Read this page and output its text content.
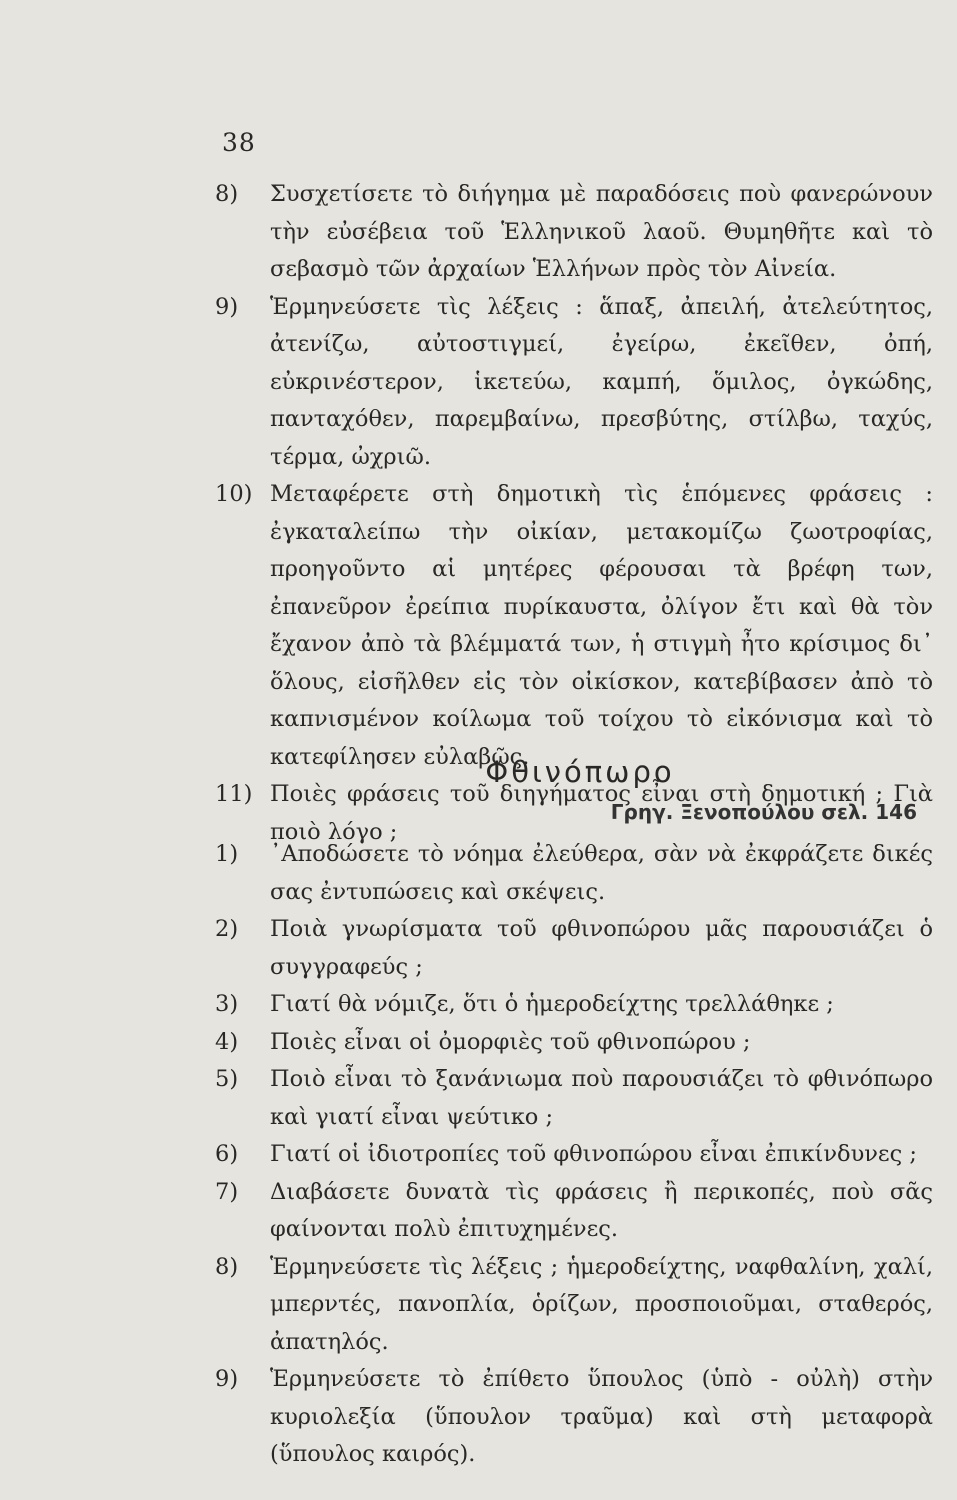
38
8)	Συσχετίσετε τὸ διήγημα μὲ παραδόσεις ποὺ φανερώνουν τὴν εὐσέβεια τοῦ Ἑλληνικοῦ λαοῦ. Θυμηθῆτε καὶ τὸ σεβασμὸ τῶν ἀρχαίων Ἑλλήνων πρὸς τὸν Αἰνεία.
9)	Ἑρμηνεύσετε τὶς λέξεις : ἅπαξ, ἀπειλή, ἀτελεύτητος, ἀτενίζω, αὐτοστιγμεί, ἐγείρω, ἐκεῖθεν, ὀπή, εὐκρινέστερον, ἱκετεύω, καμπή, ὅμιλος, ὀγκώδης, πανταχόθεν, παρεμβαίνω, πρεσβύτης, στίλβω, ταχύς, τέρμα, ὠχριῶ.
10) Μεταφέρετε στὴ δημοτικὴ τὶς ἑπόμενες φράσεις : ἐγκαταλείπω τὴν οἰκίαν, μετακομίζω ζωοτροφίας, προηγοῦντο αἱ μητέρες φέρουσαι τὰ βρέφη των, ἐπανεῦρον ἐρείπια πυρίκαυστα, ὀλίγον ἔτι καὶ θὰ τὸν ἔχανον ἀπὸ τὰ βλέμματά των, ἡ στιγμὴ ἦτο κρίσιμος δι᾿ ὅλους, εἰσῆλθεν εἰς τὸν οἰκίσκον, κατεβίβασεν ἀπὸ τὸ καπνισμένον κοίλωμα τοῦ τοίχου τὸ εἰκόνισμα καὶ τὸ κατεφίλησεν εὐλαβῶς.
11) Ποιὲς φράσεις τοῦ διηγήματος εἶναι στὴ δημοτική ; Γιὰ ποιὸ λόγο ;
Φθινόπωρο
Γρηγ. Ξενοπούλου σελ. 146
1)	᾿Αποδώσετε τὸ νόημα ἐλεύθερα, σὰν νὰ ἐκφράζετε δικές σας ἐντυπώσεις καὶ σκέψεις.
2)	Ποιὰ γνωρίσματα τοῦ φθινοπώρου μᾶς παρουσιάζει ὁ συγγραφεύς ;
3)	Γιατί θὰ νόμιζε, ὅτι ὁ ἡμεροδείχτης τρελλάθηκε ;
4)	Ποιὲς εἶναι οἱ ὀμορφιὲς τοῦ φθινοπώρου ;
5)	Ποιὸ εἶναι τὸ ξανάνιωμα ποὺ παρουσιάζει τὸ φθινόπωρο καὶ γιατί εἶναι ψεύτικο ;
6)	Γιατί οἱ ἰδιοτροπίες τοῦ φθινοπώρου εἶναι ἐπικίνδυνες ;
7)	Διαβάσετε δυνατὰ τὶς φράσεις ἢ περικοπές, ποὺ σᾶς φαίνονται πολὺ ἐπιτυχημένες.
8)	Ἑρμηνεύσετε τὶς λέξεις ; ἡμεροδείχτης, ναφθαλίνη, χαλί, μπερντές, πανοπλία, ὁρίζων, προσποιοῦμαι, σταθερός, ἀπατηλός.
9)	Ἑρμηνεύσετε τὸ ἐπίθετο ὕπουλος (ὑπὸ - οὐλὴ) στὴν κυριολεξία (ὕπουλον τραῦμα) καὶ στὴ μεταφορὰ (ὕπουλος καιρός).
